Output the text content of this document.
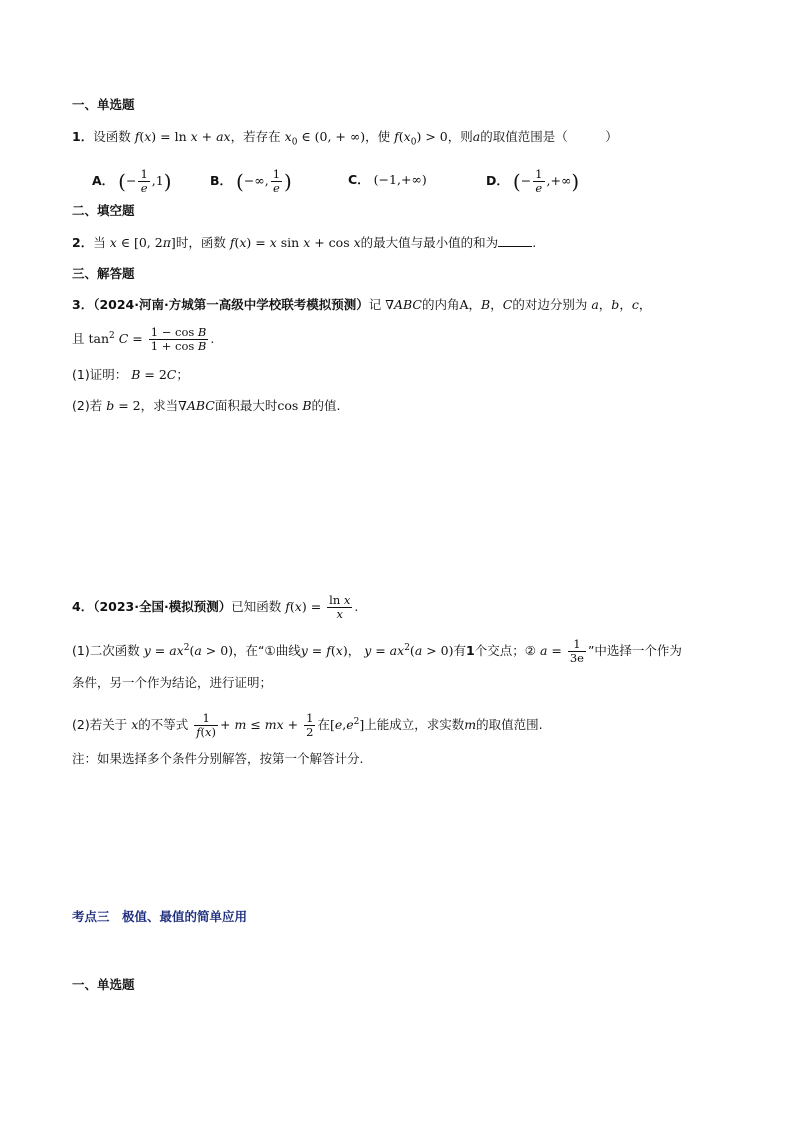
一、单选题
1．设函数 f(x) = ln x + ax，若存在 $x_0$ ∈ (0, + ∞)，使 $f(x_0) > 0$，则a的取值范围是（　　　）
A． (− $\frac{1}{e} ,1$)	B． (−∞, $\frac{1}{e}$ )	C． (−1,+∞)	D． (− $\frac{1}{e}$ ,+∞)
二、填空题
2．当 x ∈ [0, 2π]时，函数 f(x) = x sin x + cos x的最大值与最小值的和为	.
三、解答题
3．（2024·河南·方城第一高级中学校联考模拟预测）记 ∇ABC的内角A，B，C的对边分别为 a，b，c，
且 $\tan^2 C = \frac{\text{1 − cos B}}{\text{1 + cos B}}$ .
(1)证明： B = 2C；
(2)若 b = 2，求当∇ABC面积最大时cos B的值.
4．（2023·全国·模拟预测）已知函数 $f(x) = \frac{\text{ln x}}{x}$ .
(1)二次函数 $y = ax^2(a > 0)$，在“①曲线y = f(x)， $y = ax^2(a > 0)$有1个交点；② $a = \frac{1}{3e}$ ”中选择一个作为
条件，另一个作为结论，进行证明；
(2)若关于 x的不等式 $\frac{1}{f(x)} + m$ ≤ mx + $\frac{1}{2}$ 在$[e,e^2]$上能成立，求实数m的取值范围.
注：如果选择多个条件分别解答，按第一个解答计分.
考点三　极值、最值的简单应用
一、单选题
